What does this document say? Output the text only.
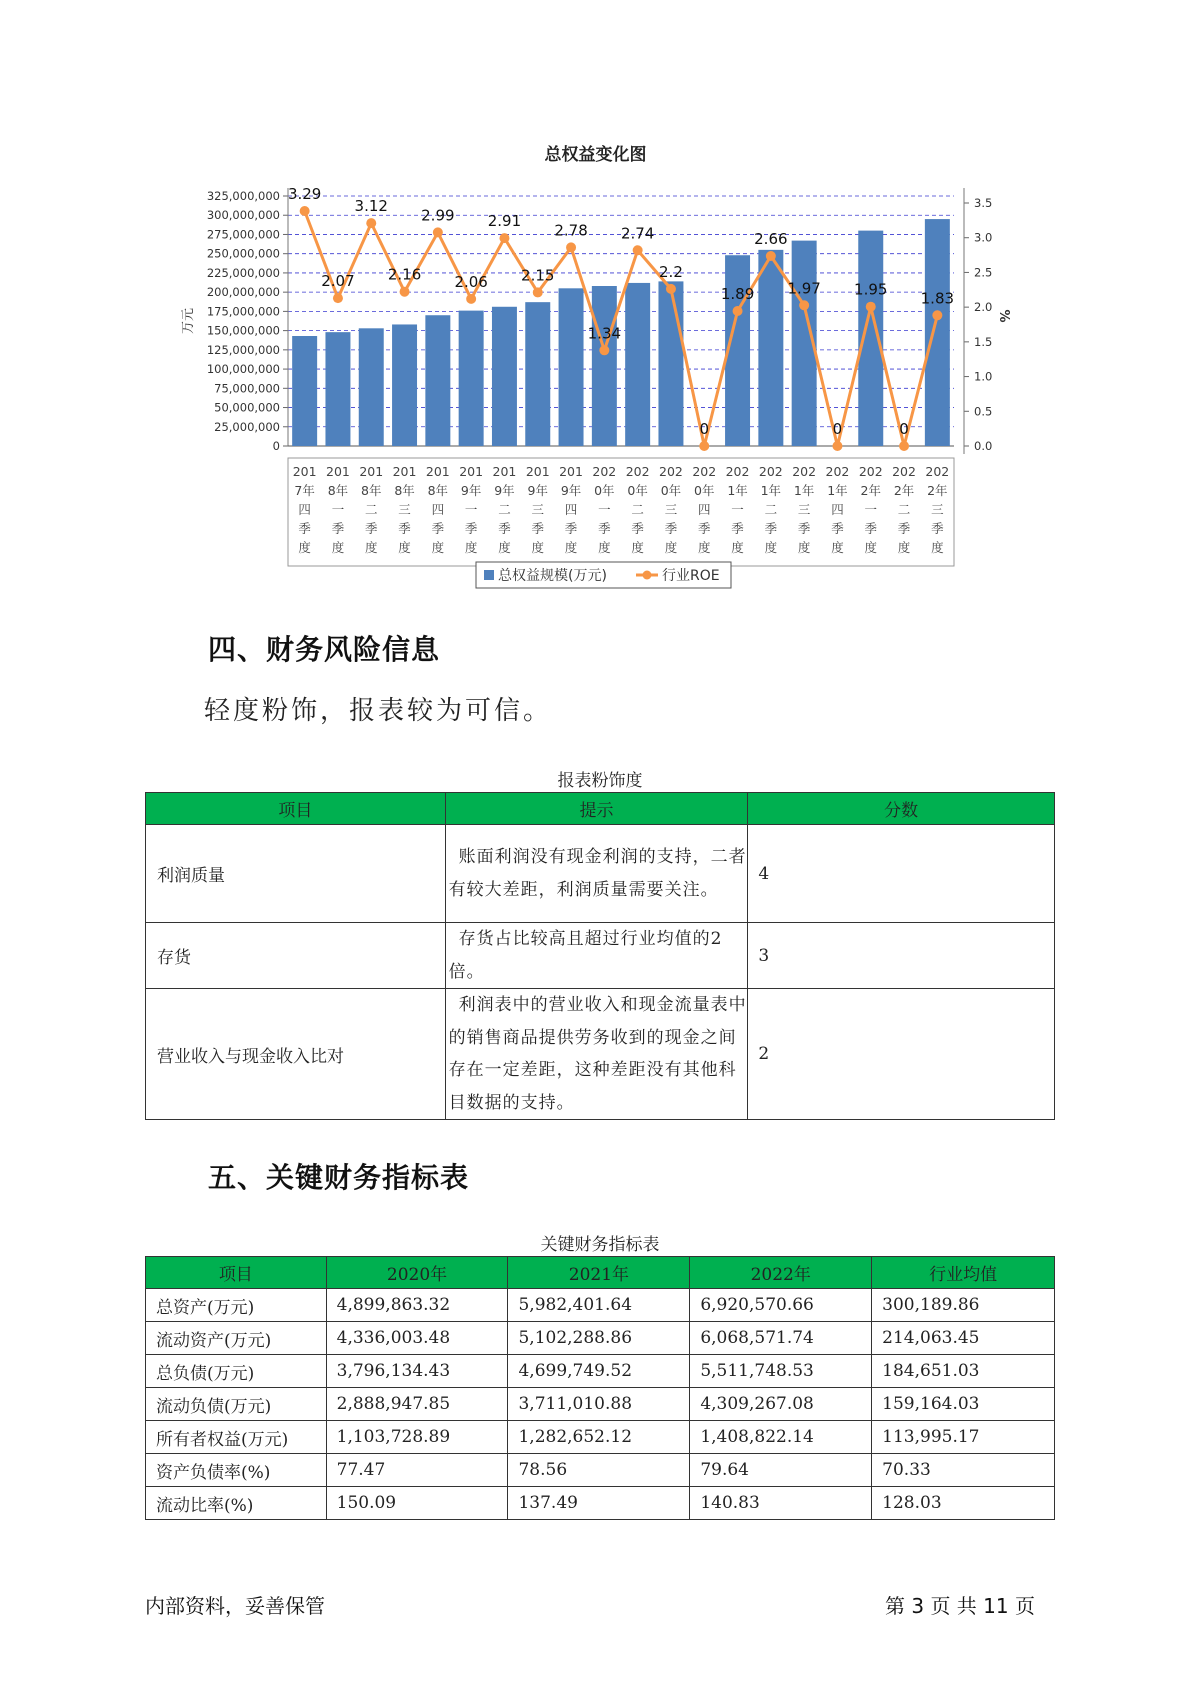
总权益变化图
325,000,000
300,000,000
275,000,000
250,000,000
225,000,000
200,000,000
175,000,000
150,000,000
125,000,000
100,000,000
75,000,000
50,000,000
25,000,000
0
3.5
3.0
2.5
2.0
1.5
1.0
0.5
0.0
万元	%
201
7年
四
季
度
201
8年
一
季
度
201
8年
二
季
度
201
8年
三
季
度
201
8年
四
季
度
201
9年
一
季
度
201
9年
二
季
度
201
9年
三
季
度
201
9年
四
季
度
202
0年
一
季
度
202
0年
二
季
度
202
0年
三
季
度
202
0年
四
季
度
202
1年
一
季
度
202
1年
二
季
度
202
1年
三
季
度
202
1年
四
季
度
202
2年
一
季
度
202
2年
二
季
度
202
2年
三
季
度
3.29
2.07
3.12
2.16
2.99
2.06
2.91
2.15
2.78
1.34
2.74
2.2
0
1.89
2.66
1.97
0
1.95
0
1.83
总权益规模(万元)	行业ROE
四、财务风险信息

轻度粉饰，报表较为可信。

报表粉饰度
项目	提示	分数
利润质量	账面利润没有现金利润的支持，二者有较大差距，利润质量需要关注。	4
存货	存货占比较高且超过行业均值的2倍。	3
营业收入与现金收入比对	利润表中的营业收入和现金流量表中的销售商品提供劳务收到的现金之间存在一定差距，这种差距没有其他科目数据的支持。	2
五、关键财务指标表
关键财务指标表
项目	2020年	2021年	2022年	行业均值
总资产(万元)	4,899,863.32	5,982,401.64	6,920,570.66	300,189.86
流动资产(万元)	4,336,003.48	5,102,288.86	6,068,571.74	214,063.45
总负债(万元)	3,796,134.43	4,699,749.52	5,511,748.53	184,651.03
流动负债(万元)	2,888,947.85	3,711,010.88	4,309,267.08	159,164.03
所有者权益(万元)	1,103,728.89	1,282,652.12	1,408,822.14	113,995.17
资产负债率(%)	77.47	78.56	79.64	70.33
流动比率(%)	150.09	137.49	140.83	128.03
内部资料，妥善保管	第 3 页 共 11 页
